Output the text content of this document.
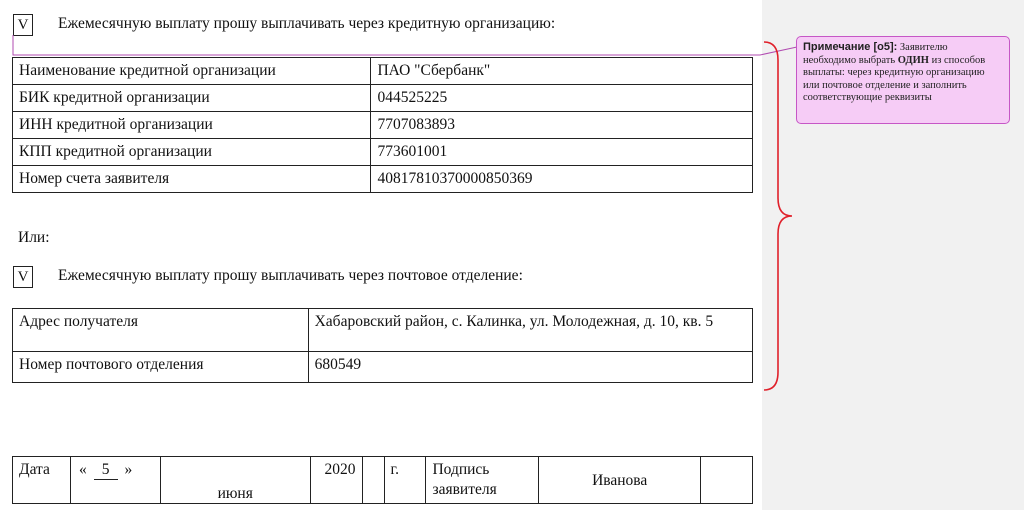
V Ежемесячную выплату прошу выплачивать через кредитную организацию:
Наименование кредитной организации	ПАО "Сбербанк"
БИК кредитной организации	044525225
ИНН кредитной организации	7707083893
КПП кредитной организации	773601001
Номер счета заявителя	40817810370000850369
Или:
V Ежемесячную выплату прошу выплачивать через почтовое отделение:
Адрес получателя	Хабаровский район, с. Калинка, ул. Молодежная, д. 10, кв. 5
Номер почтового отделения	680549
Дата	« 5 »	июня	2020		г.	Подпись заявителя	Иванова	
Примечание [о5]: Заявителю необходимо выбрать ОДИН из способов выплаты: через кредитную организацию или почтовое отделение и заполнить соответствующие реквизиты
